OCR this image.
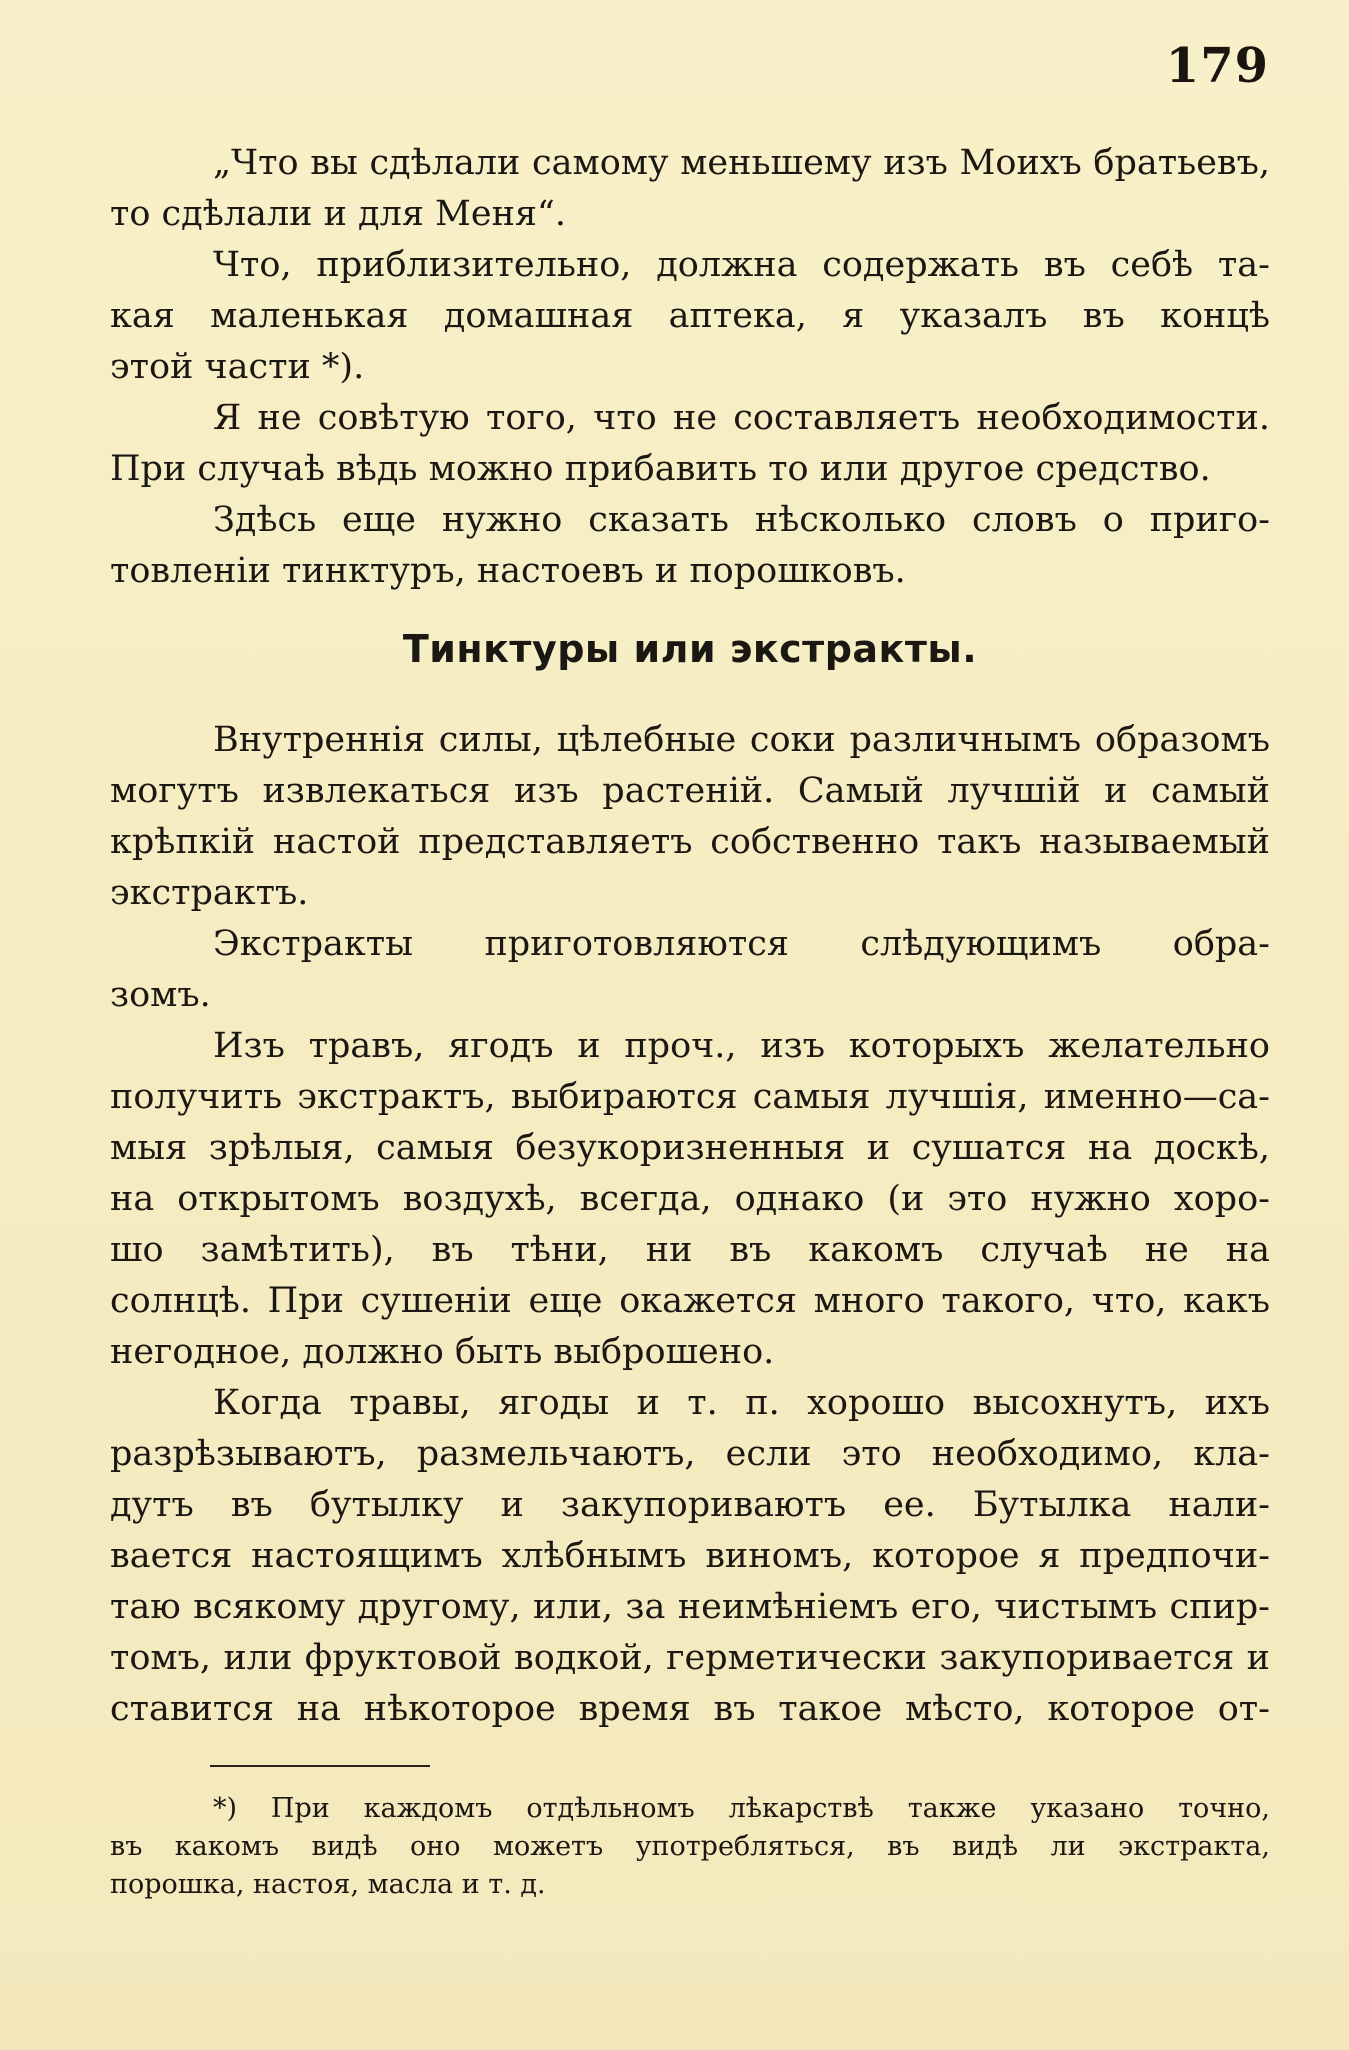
179
„Что вы сдѣлали самому меньшему изъ Моихъ братьевъ,
то сдѣлали и для Меня“.
Что, приблизительно, должна содержать въ себѣ та-
кая маленькая домашная аптека, я указалъ въ концѣ
этой части *).
Я не совѣтую того, что не составляетъ необходимости.
При случаѣ вѣдь можно прибавить то или другое средство.
Здѣсь еще нужно сказать нѣсколько словъ о приго-
товленiи тинктуръ, настоевъ и порошковъ.
Тинктуры или экстракты.
Внутреннія силы, цѣлебные соки различнымъ образомъ
могутъ извлекаться изъ растеній. Самый лучшій и самый
крѣпкій настой представляетъ собственно такъ называемый
экстрактъ.
Экстракты приготовляются слѣдующимъ обра-
зомъ.
Изъ травъ, ягодъ и проч., изъ которыхъ желательно
получить экстрактъ, выбираются самыя лучшія, именно—са-
мыя зрѣлыя, самыя безукоризненныя и сушатся на доскѣ,
на открытомъ воздухѣ, всегда, однако (и это нужно хоро-
шо замѣтить), въ тѣни, ни въ какомъ случаѣ не на
солнцѣ. При сушеніи еще окажется много такого, что, какъ
негодное, должно быть выброшено.
Когда травы, ягоды и т. п. хорошо высохнутъ, ихъ
разрѣзываютъ, размельчаютъ, если это необходимо, кла-
дутъ въ бутылку и закупориваютъ ее. Бутылка нали-
вается настоящимъ хлѣбнымъ виномъ, которое я предпочи-
таю всякому другому, или, за неимѣніемъ его, чистымъ спир-
томъ, или фруктовой водкой, герметически закупоривается и
ставится на нѣкоторое время въ такое мѣсто, которое от-
*) При каждомъ отдѣльномъ лѣкарствѣ также указано точно,
въ какомъ видѣ оно можетъ употребляться, въ видѣ ли экстракта,
порошка, настоя, масла и т. д.
